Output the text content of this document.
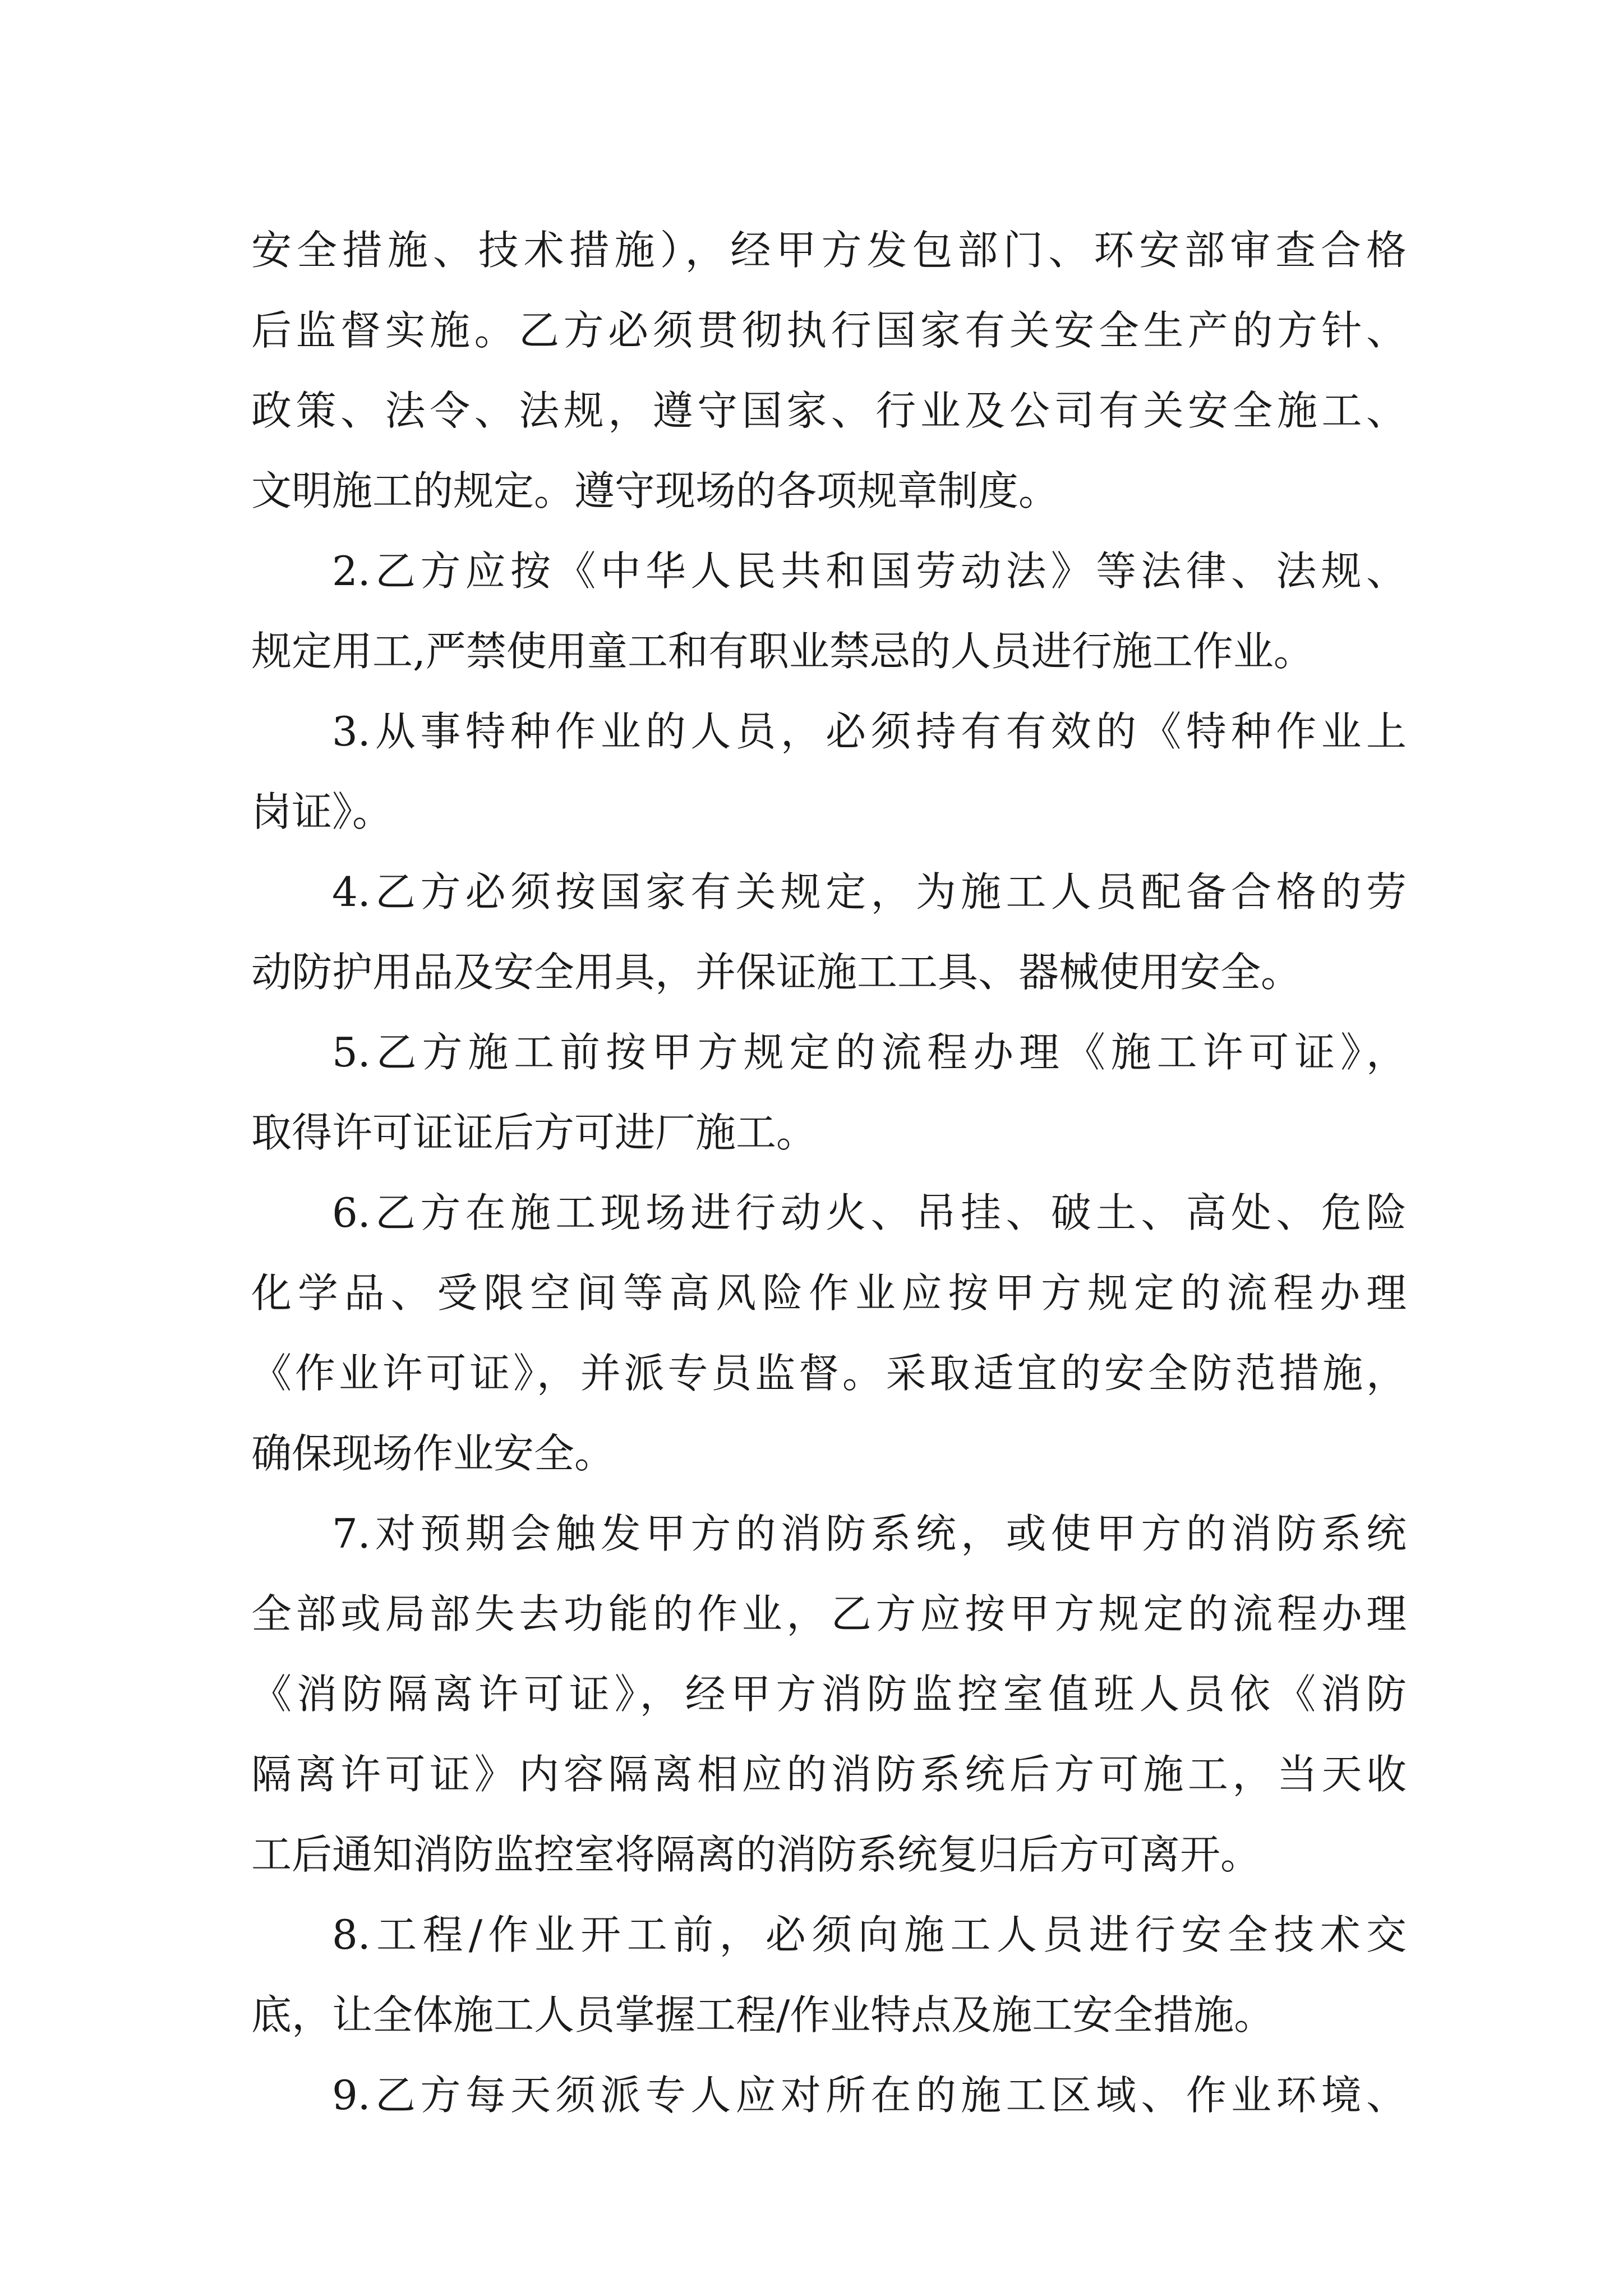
安全措施、技术措施），经甲方发包部门、环安部审查合格
后监督实施。乙方必须贯彻执行国家有关安全生产的方针、
政策、法令、法规，遵守国家、行业及公司有关安全施工、
文明施工的规定。遵守现场的各项规章制度。
2.乙方应按《中华人民共和国劳动法》等法律、法规、
规定用工,严禁使用童工和有职业禁忌的人员进行施工作业。
3.从事特种作业的人员，必须持有有效的《特种作业上
岗证》。
4.乙方必须按国家有关规定，为施工人员配备合格的劳
动防护用品及安全用具，并保证施工工具、器械使用安全。
5.乙方施工前按甲方规定的流程办理《施工许可证》，
取得许可证证后方可进厂施工。
6.乙方在施工现场进行动火、吊挂、破土、高处、危险
化学品、受限空间等高风险作业应按甲方规定的流程办理
《作业许可证》，并派专员监督。采取适宜的安全防范措施，
确保现场作业安全。
7.对预期会触发甲方的消防系统，或使甲方的消防系统
全部或局部失去功能的作业，乙方应按甲方规定的流程办理
《消防隔离许可证》，经甲方消防监控室值班人员依《消防
隔离许可证》内容隔离相应的消防系统后方可施工，当天收
工后通知消防监控室将隔离的消防系统复归后方可离开。
8.工程/作业开工前，必须向施工人员进行安全技术交
底，让全体施工人员掌握工程/作业特点及施工安全措施。
9.乙方每天须派专人应对所在的施工区域、作业环境、
